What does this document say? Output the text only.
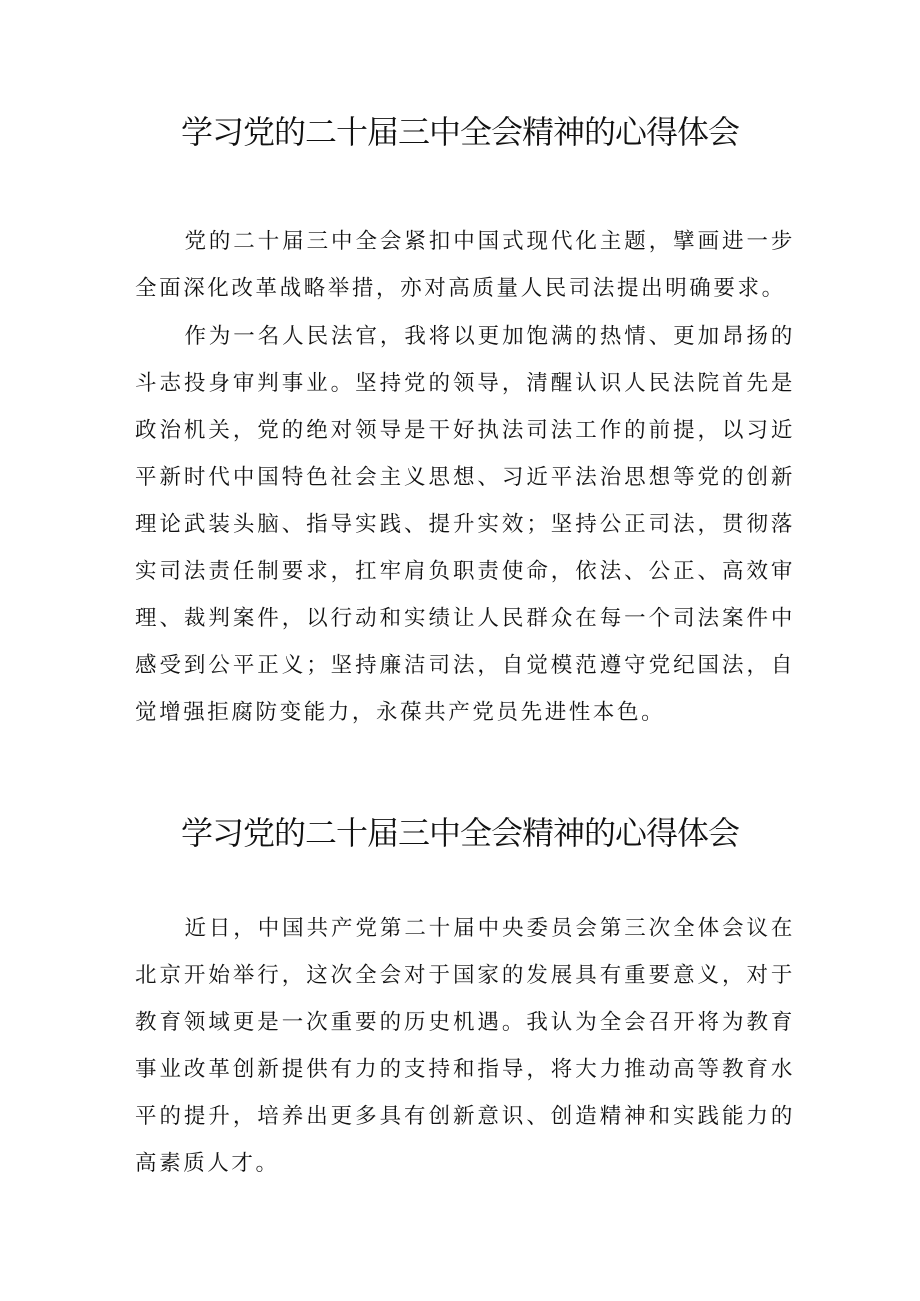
学习党的二十届三中全会精神的心得体会

党的二十届三中全会紧扣中国式现代化主题，擘画进一步全面深化改革战略举措，亦对高质量人民司法提出明确要求。

作为一名人民法官，我将以更加饱满的热情、更加昂扬的斗志投身审判事业。坚持党的领导，清醒认识人民法院首先是政治机关，党的绝对领导是干好执法司法工作的前提，以习近平新时代中国特色社会主义思想、习近平法治思想等党的创新理论武装头脑、指导实践、提升实效；坚持公正司法，贯彻落实司法责任制要求，扛牢肩负职责使命，依法、公正、高效审理、裁判案件，以行动和实绩让人民群众在每一个司法案件中感受到公平正义；坚持廉洁司法，自觉模范遵守党纪国法，自觉增强拒腐防变能力，永葆共产党员先进性本色。

学习党的二十届三中全会精神的心得体会

近日，中国共产党第二十届中央委员会第三次全体会议在北京开始举行，这次全会对于国家的发展具有重要意义，对于教育领域更是一次重要的历史机遇。我认为全会召开将为教育事业改革创新提供有力的支持和指导，将大力推动高等教育水平的提升，培养出更多具有创新意识、创造精神和实践能力的高素质人才。
